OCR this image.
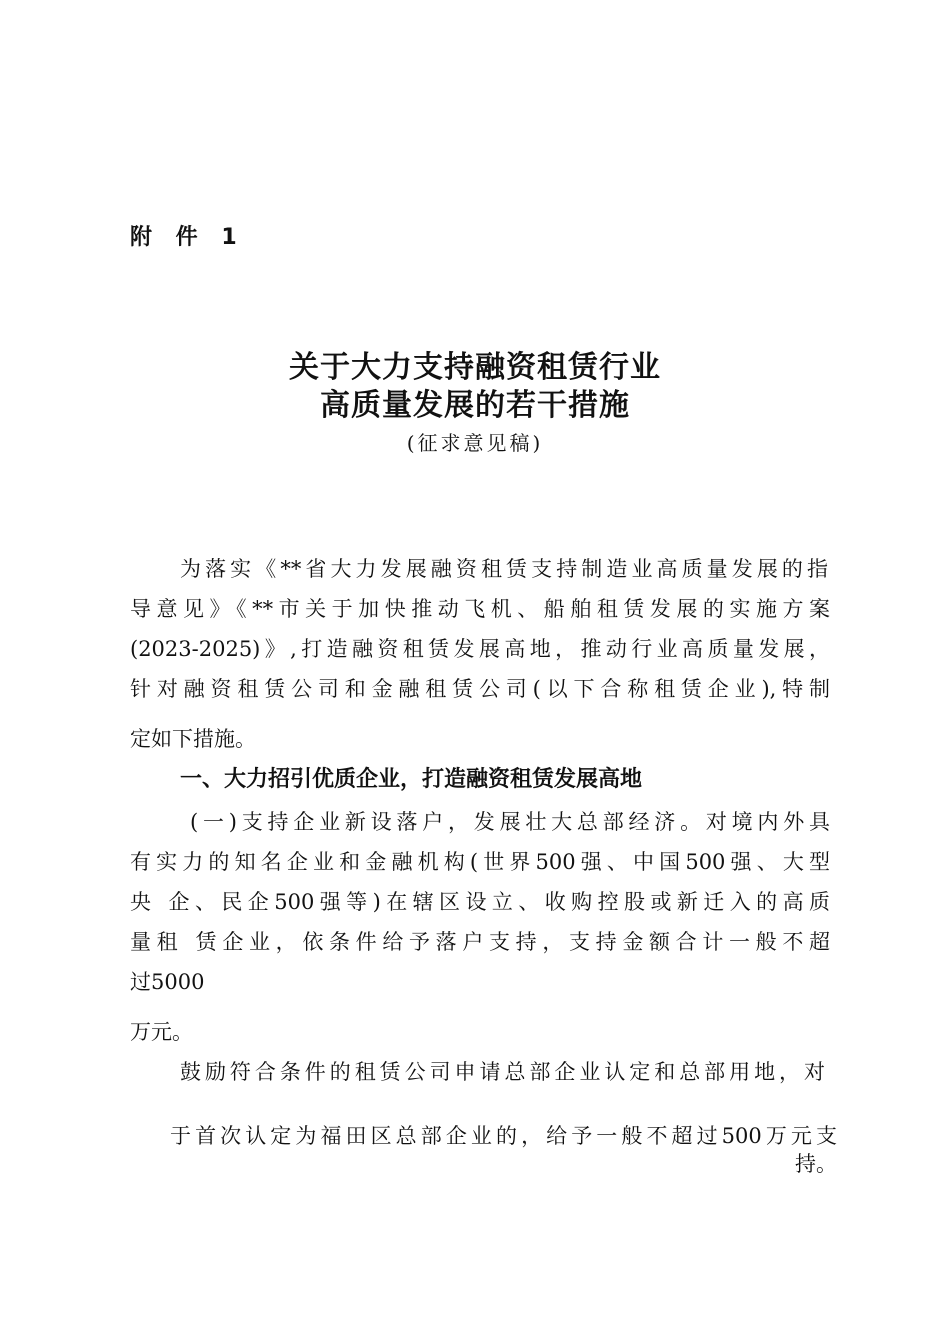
附 件 1
关于大力支持融资租赁行业
高质量发展的若干措施
(征求意见稿)
为落实《**省大力发展融资租赁支持制造业高质量发展的指
导意见》《**市关于加快推动飞机、船舶租赁发展的实施方案
(2023-2025)》,打造融资租赁发展高地，推动行业高质量发展，
针对融资租赁公司和金融租赁公司(以下合称租赁企业),特制
定如下措施。
一、大力招引优质企业，打造融资租赁发展高地
(一)支持企业新设落户，发展壮大总部经济。对境内外具
有实力的知名企业和金融机构(世界500强、中国500强、大型
央 企、民企500强等)在辖区设立、收购控股或新迁入的高质
量租 赁企业，依条件给予落户支持，支持金额合计一般不超
过5000
万元。
鼓励符合条件的租赁公司申请总部企业认定和总部用地，对
于首次认定为福田区总部企业的，给予一般不超过500万元支
持。
